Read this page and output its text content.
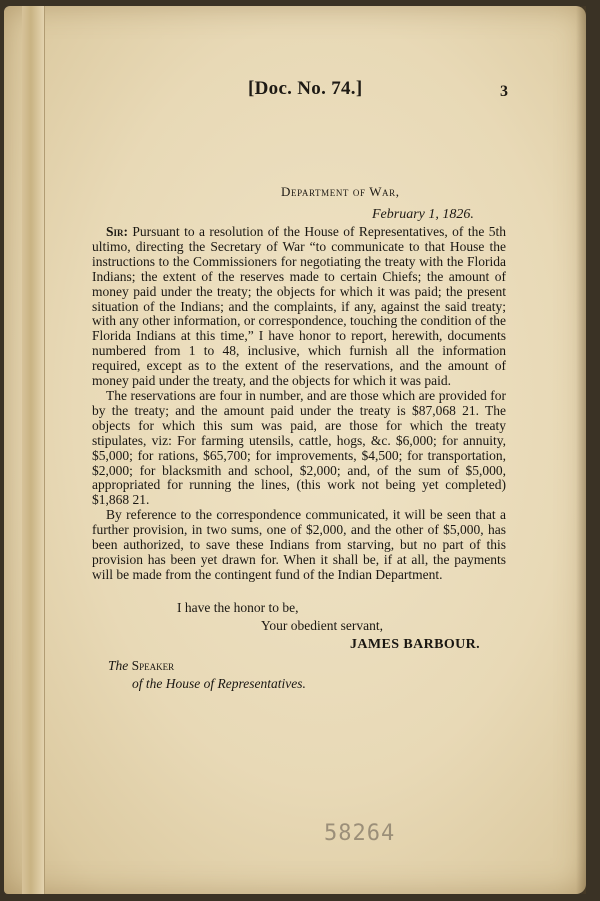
[Doc. No. 74.]	3
Department of War,
February 1, 1826.

Sir: Pursuant to a resolution of the House of Representatives, of the 5th ultimo, directing the Secretary of War “to communicate to that House the instructions to the Commissioners for negotiating the treaty with the Florida Indians; the extent of the reserves made to certain Chiefs; the amount of money paid under the treaty; the objects for which it was paid; the present situation of the Indians; and the complaints, if any, against the said treaty; with any other information, or correspondence, touching the condition of the Florida Indians at this time,” I have honor to report, herewith, documents numbered from 1 to 48, inclusive, which furnish all the information required, except as to the extent of the reservations, and the amount of money paid under the treaty, and the objects for which it was paid.

The reservations are four in number, and are those which are provided for by the treaty; and the amount paid under the treaty is $87,068 21. The objects for which this sum was paid, are those for which the treaty stipulates, viz: For farming utensils, cattle, hogs, &c. $6,000; for annuity, $5,000; for rations, $65,700; for improvements, $4,500; for transportation, $2,000; for blacksmith and school, $2,000; and, of the sum of $5,000, appropriated for running the lines, (this work not being yet completed) $1,868 21.

By reference to the correspondence communicated, it will be seen that a further provision, in two sums, one of $2,000, and the other of $5,000, has been authorized, to save these Indians from starving, but no part of this provision has been yet drawn for. When it shall be, if at all, the payments will be made from the contingent fund of the Indian Department.

I have the honor to be,
Your obedient servant,
JAMES BARBOUR.
The Speaker
of the House of Representatives.
58264
